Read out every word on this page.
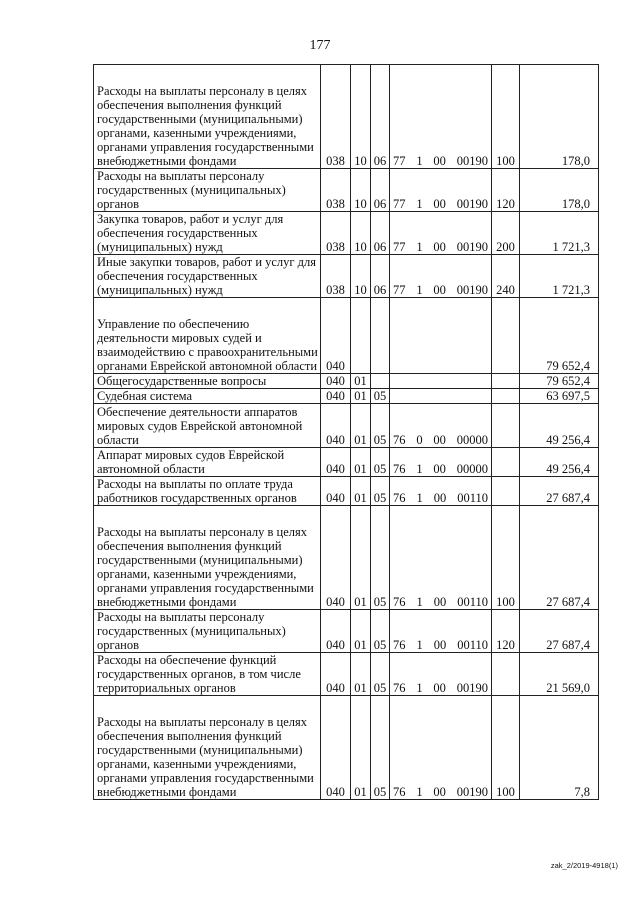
177
Расходы на выплаты персоналу в целях обеспечения выполнения функций государственными (муниципальными) органами, казенными учреждениями, органами управления государственными внебюджетными фондами	038	10	06	77 1 00 00190	100	178,0
Расходы на выплаты персоналу государственных (муниципальных) органов	038	10	06	77 1 00 00190	120	178,0
Закупка товаров, работ и услуг для обеспечения государственных (муниципальных) нужд	038	10	06	77 1 00 00190	200	1 721,3
Иные закупки товаров, работ и услуг для обеспечения государственных (муниципальных) нужд	038	10	06	77 1 00 00190	240	1 721,3
Управление по обеспечению деятельности мировых судей и взаимодействию с правоохранительными органами Еврейской автономной области	040					79 652,4
Общегосударственные вопросы	040	01				79 652,4
Судебная система	040	01	05			63 697,5
Обеспечение деятельности аппаратов мировых судов Еврейской автономной области	040	01	05	76 0 00 00000		49 256,4
Аппарат мировых судов Еврейской автономной области	040	01	05	76 1 00 00000		49 256,4
Расходы на выплаты по оплате труда работников государственных органов	040	01	05	76 1 00 00110		27 687,4
Расходы на выплаты персоналу в целях обеспечения выполнения функций государственными (муниципальными) органами, казенными учреждениями, органами управления государственными внебюджетными фондами	040	01	05	76 1 00 00110	100	27 687,4
Расходы на выплаты персоналу государственных (муниципальных) органов	040	01	05	76 1 00 00110	120	27 687,4
Расходы на обеспечение функций государственных органов, в том числе территориальных органов	040	01	05	76 1 00 00190		21 569,0
Расходы на выплаты персоналу в целях обеспечения выполнения функций государственными (муниципальными) органами, казенными учреждениями, органами управления государственными внебюджетными фондами	040	01	05	76 1 00 00190	100	7,8
zak_2/2019-4918(1)
